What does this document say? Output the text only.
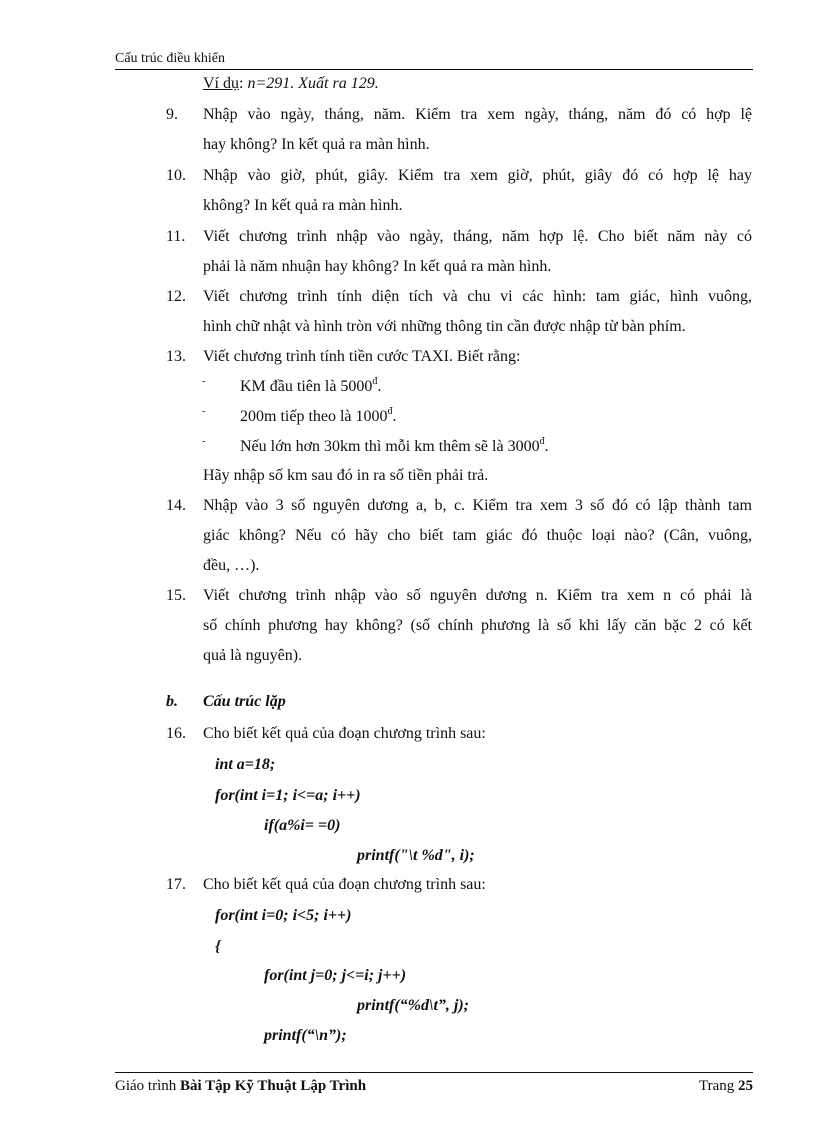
Cấu trúc điều khiển
Ví dụ: n=291. Xuất ra 129.
9. Nhập vào ngày, tháng, năm. Kiểm tra xem ngày, tháng, năm đó có hợp lệ
hay không? In kết quả ra màn hình.
10. Nhập vào giờ, phút, giây. Kiểm tra xem giờ, phút, giây đó có hợp lệ hay
không? In kết quả ra màn hình.
11. Viết chương trình nhập vào ngày, tháng, năm hợp lệ. Cho biết năm này có
phải là năm nhuận hay không? In kết quả ra màn hình.
12. Viết chương trình tính diện tích và chu vi các hình: tam giác, hình vuông,
hình chữ nhật và hình tròn với những thông tin cần được nhập từ bàn phím.
13. Viết chương trình tính tiền cước TAXI. Biết rằng:
- KM đầu tiên là $5000^đ$.
- 200m tiếp theo là $1000^đ$.
- Nếu lớn hơn 30km thì mỗi km thêm sẽ là $3000^đ$.
Hãy nhập số km sau đó in ra số tiền phải trả.
14. Nhập vào 3 số nguyên dương a, b, c. Kiểm tra xem 3 số đó có lập thành tam
giác không? Nếu có hãy cho biết tam giác đó thuộc loại nào? (Cân, vuông,
đều, …).
15. Viết chương trình nhập vào số nguyên dương n. Kiểm tra xem n có phải là
số chính phương hay không? (số chính phương là số khi lấy căn bặc 2 có kết
quả là nguyên).
b. Cấu trúc lặp
16. Cho biết kết quả của đoạn chương trình sau:
int a=18;
for(int i=1; i<=a; i++)
if(a%i= =0)
printf("\t %d", i);
17. Cho biết kết quả của đoạn chương trình sau:
for(int i=0; i<5; i++)
{
for(int j=0; j<=i; j++)
printf(“%d\t”, j);
printf(“\n”);
Giáo trình Bài Tập Kỹ Thuật Lập Trình	Trang 25
